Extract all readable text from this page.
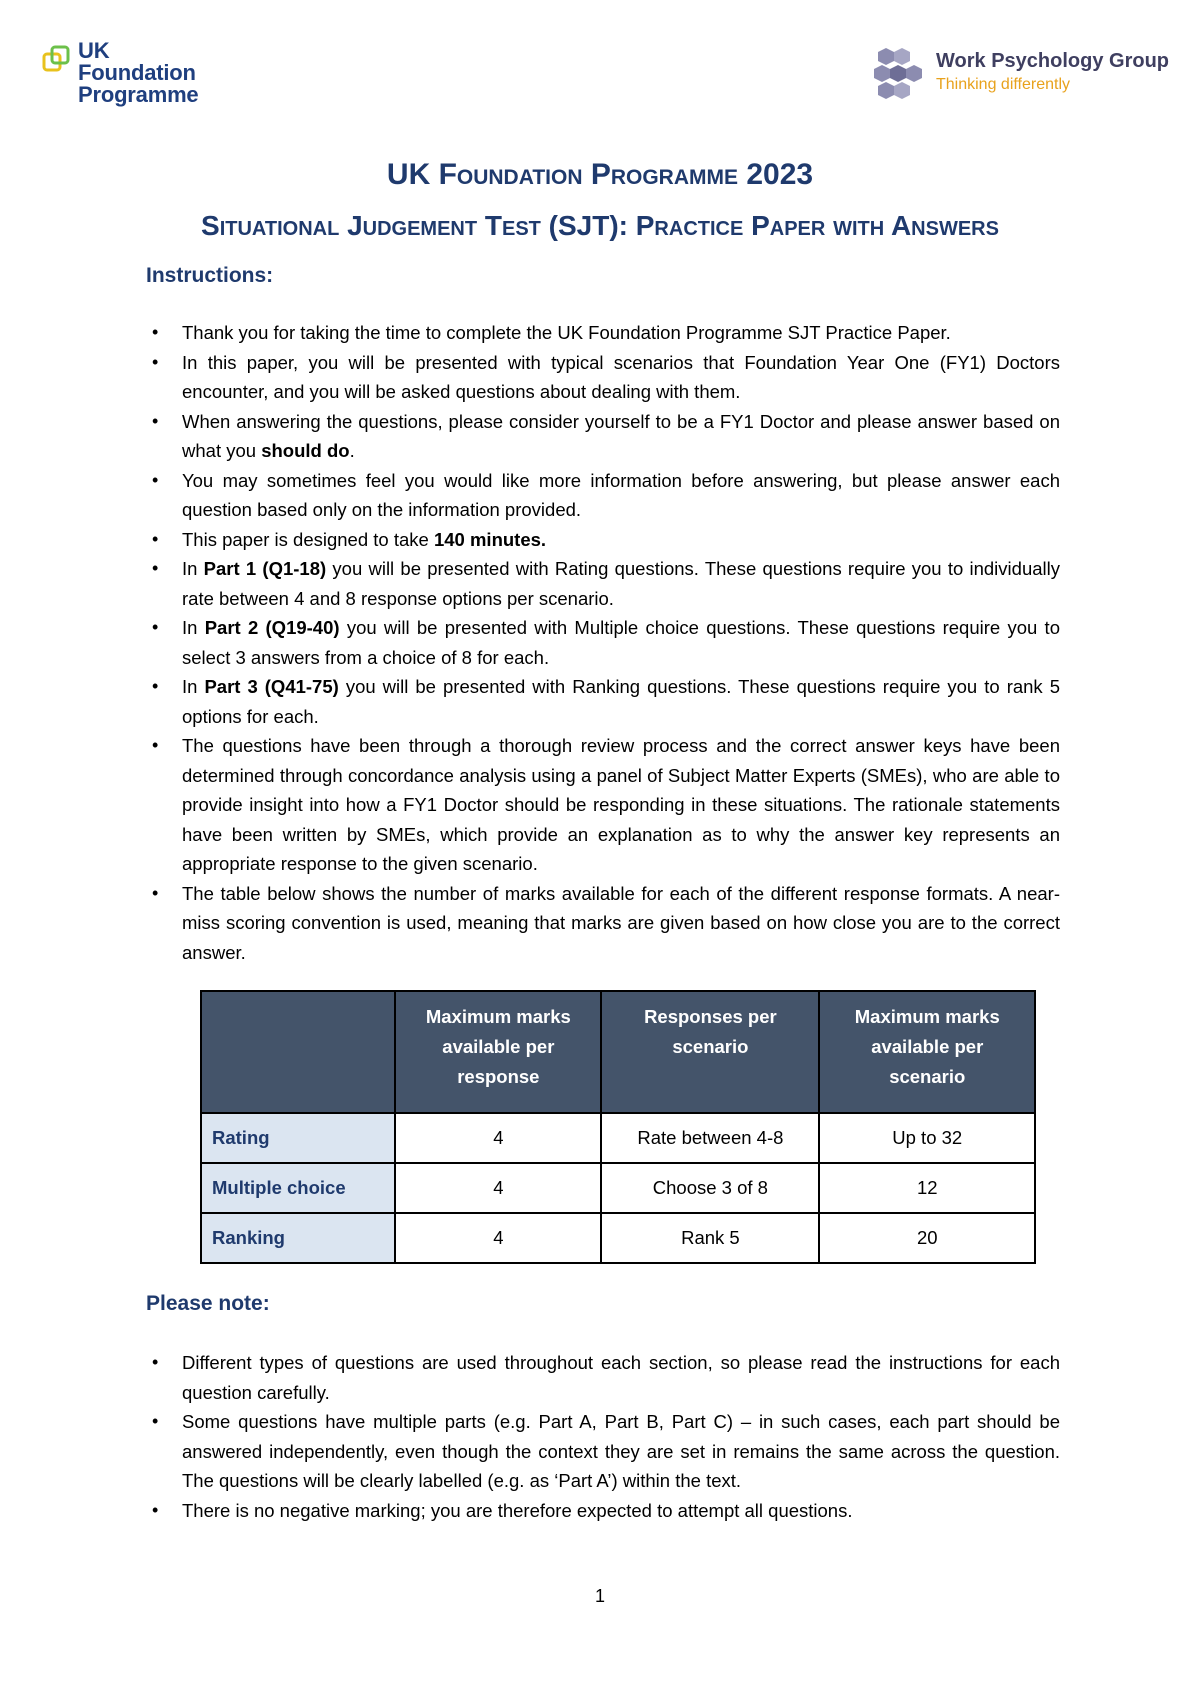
UK
Foundation
Programme
Work Psychology Group
Thinking differently
UK Foundation Programme 2023
Situational Judgement Test (SJT): Practice Paper with Answers
Instructions:
• Thank you for taking the time to complete the UK Foundation Programme SJT Practice Paper.
• In this paper, you will be presented with typical scenarios that Foundation Year One (FY1) Doctors encounter, and you will be asked questions about dealing with them.
• When answering the questions, please consider yourself to be a FY1 Doctor and please answer based on what you should do.
• You may sometimes feel you would like more information before answering, but please answer each question based only on the information provided.
• This paper is designed to take 140 minutes.
• In Part 1 (Q1-18) you will be presented with Rating questions. These questions require you to individually rate between 4 and 8 response options per scenario.
• In Part 2 (Q19-40) you will be presented with Multiple choice questions. These questions require you to select 3 answers from a choice of 8 for each.
• In Part 3 (Q41-75) you will be presented with Ranking questions. These questions require you to rank 5 options for each.
• The questions have been through a thorough review process and the correct answer keys have been determined through concordance analysis using a panel of Subject Matter Experts (SMEs), who are able to provide insight into how a FY1 Doctor should be responding in these situations. The rationale statements have been written by SMEs, which provide an explanation as to why the answer key represents an appropriate response to the given scenario.
• The table below shows the number of marks available for each of the different response formats. A near-miss scoring convention is used, meaning that marks are given based on how close you are to the correct answer.
	Maximum marks available per response	Responses per scenario	Maximum marks available per scenario
Rating	4	Rate between 4-8	Up to 32
Multiple choice	4	Choose 3 of 8	12
Ranking	4	Rank 5	20
Please note:
• Different types of questions are used throughout each section, so please read the instructions for each question carefully.
• Some questions have multiple parts (e.g. Part A, Part B, Part C) – in such cases, each part should be answered independently, even though the context they are set in remains the same across the question. The questions will be clearly labelled (e.g. as ‘Part A’) within the text.
• There is no negative marking; you are therefore expected to attempt all questions.
1
